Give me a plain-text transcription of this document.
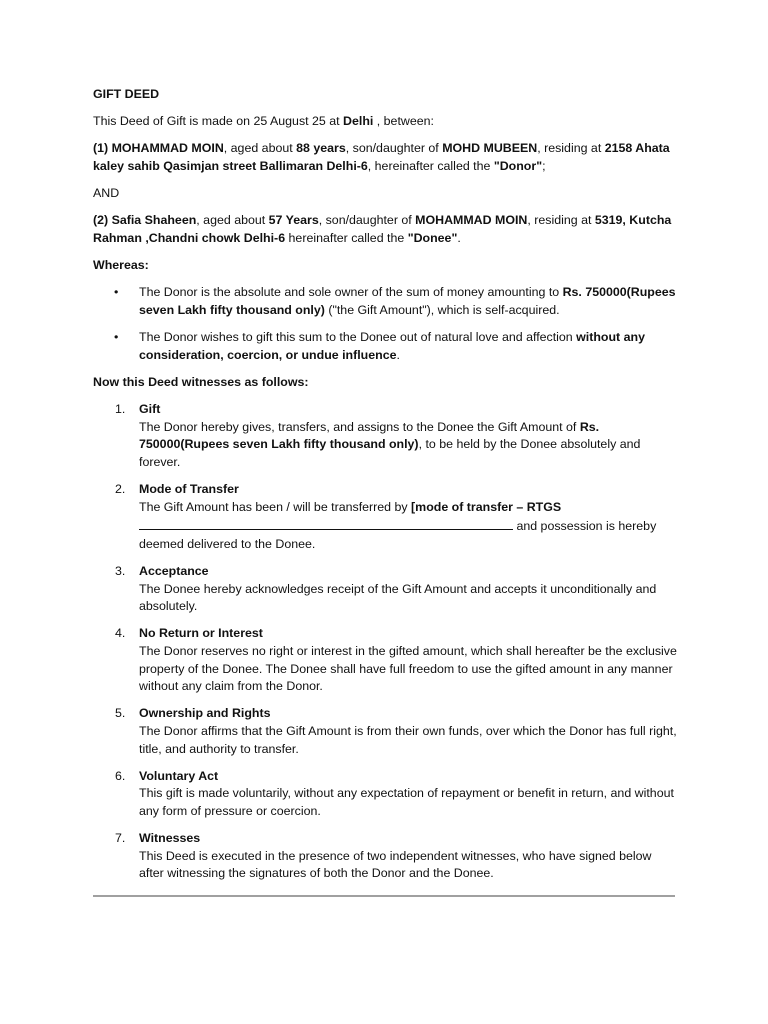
GIFT DEED

This Deed of Gift is made on 25 August 25 at Delhi , between:

(1) MOHAMMAD MOIN, aged about 88 years, son/daughter of MOHD MUBEEN, residing at 2158 Ahata kaley sahib Qasimjan street Ballimaran Delhi-6, hereinafter called the "Donor";

AND

(2) Safia Shaheen, aged about 57 Years, son/daughter of MOHAMMAD MOIN, residing at 5319, Kutcha Rahman ,Chandni chowk Delhi-6 hereinafter called the "Donee".

Whereas:

• The Donor is the absolute and sole owner of the sum of money amounting to Rs. 750000(Rupees seven Lakh fifty thousand only) ("the Gift Amount"), which is self-acquired.
• The Donor wishes to gift this sum to the Donee out of natural love and affection without any consideration, coercion, or undue influence.

Now this Deed witnesses as follows:

1. Gift
The Donor hereby gives, transfers, and assigns to the Donee the Gift Amount of Rs. 750000(Rupees seven Lakh fifty thousand only), to be held by the Donee absolutely and forever.
2. Mode of Transfer
The Gift Amount has been / will be transferred by [mode of transfer – RTGS and possession is hereby deemed delivered to the Donee.
3. Acceptance
The Donee hereby acknowledges receipt of the Gift Amount and accepts it unconditionally and absolutely.
4. No Return or Interest
The Donor reserves no right or interest in the gifted amount, which shall hereafter be the exclusive property of the Donee. The Donee shall have full freedom to use the gifted amount in any manner without any claim from the Donor.
5. Ownership and Rights
The Donor affirms that the Gift Amount is from their own funds, over which the Donor has full right, title, and authority to transfer.
6. Voluntary Act
This gift is made voluntarily, without any expectation of repayment or benefit in return, and without any form of pressure or coercion.
7. Witnesses
This Deed is executed in the presence of two independent witnesses, who have signed below after witnessing the signatures of both the Donor and the Donee.
